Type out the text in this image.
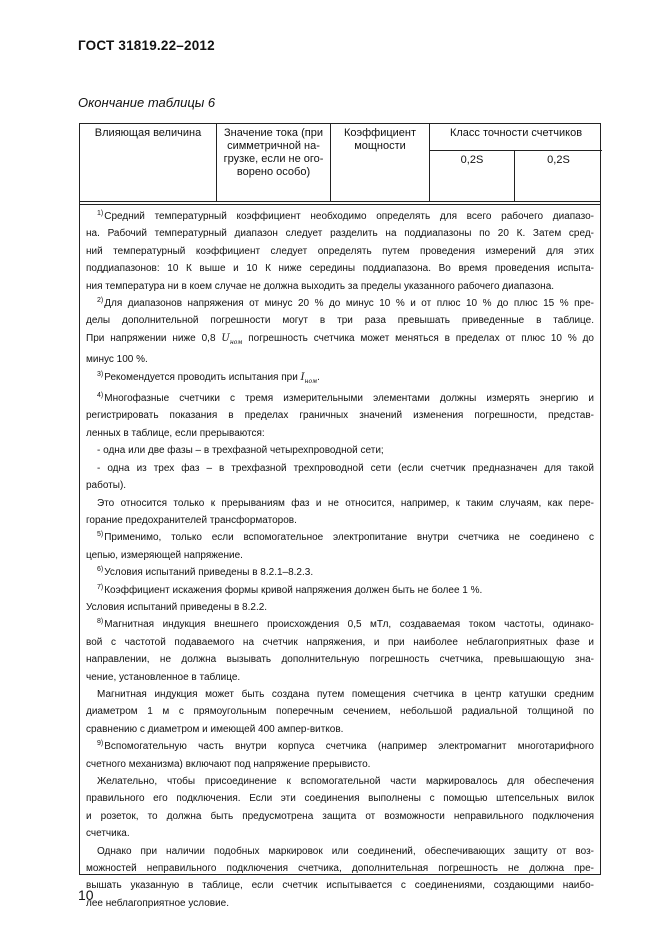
ГОСТ 31819.22–2012
Окончание таблицы 6
Влияющая величина	Значение тока (при
симметричной на-
грузке, если не ого-
ворено особо)
Коэффициент
мощности
Класс точности счетчиков
0,2S	0,2S
$^{1)}$Средний температурный коэффициент необходимо определять для всего рабочего диапазо-
на. Рабочий температурный диапазон следует разделить на поддиапазоны по 20 К. Затем сред-
ний температурный коэффициент следует определять путем проведения измерений для этих
поддиапазонов: 10 К выше и 10 К ниже середины поддиапазона. Во время проведения испыта-
ния температура ни в коем случае не должна выходить за пределы указанного рабочего диапазона.
$^{2)}$Для диапазонов напряжения от минус 20 % до минус 10 % и от плюс 10 % до плюс 15 % пре-
делы дополнительной погрешности могут в три раза превышать приведенные в таблице.
При напряжении ниже 0,8 $U_{ном}$ погрешность счетчика может меняться в пределах от плюс 10 % до
минус 100 %.
$^{3)}$Рекомендуется проводить испытания при $I_{ном}$.
$^{4)}$Многофазные счетчики с тремя измерительными элементами должны измерять энергию и
регистрировать показания в пределах граничных значений изменения погрешности, представ-
ленных в таблице, если прерываются:
- одна или две фазы – в трехфазной четырехпроводной сети;
- одна из трех фаз – в трехфазной трехпроводной сети (если счетчик предназначен для такой
работы).
Это относится только к прерываниям фаз и не относится, например, к таким случаям, как пере-
горание предохранителей трансформаторов.
$^{5)}$Применимо, только если вспомогательное электропитание внутри счетчика не соединено с
цепью, измеряющей напряжение.
$^{6)}$Условия испытаний приведены в 8.2.1–8.2.3.
$^{7)}$Коэффициент искажения формы кривой напряжения должен быть не более 1 %.
Условия испытаний приведены в 8.2.2.
$^{8)}$Магнитная индукция внешнего происхождения 0,5 мТл, создаваемая током частоты, одинако-
вой с частотой подаваемого на счетчик напряжения, и при наиболее неблагоприятных фазе и
направлении, не должна вызывать дополнительную погрешность счетчика, превышающую зна-
чение, установленное в таблице.
Магнитная индукция может быть создана путем помещения счетчика в центр катушки средним
диаметром 1 м с прямоугольным поперечным сечением, небольшой радиальной толщиной по
сравнению с диаметром и имеющей 400 ампер-витков.
$^{9)}$Вспомогательную часть внутри корпуса счетчика (например электромагнит многотарифного
счетного механизма) включают под напряжение прерывисто.
Желательно, чтобы присоединение к вспомогательной части маркировалось для обеспечения
правильного его подключения. Если эти соединения выполнены с помощью штепсельных вилок
и розеток, то должна быть предусмотрена защита от возможности неправильного подключения
счетчика.
Однако при наличии подобных маркировок или соединений, обеспечивающих защиту от воз-
можностей неправильного подключения счетчика, дополнительная погрешность не должна пре-
вышать указанную в таблице, если счетчик испытывается с соединениями, создающими наибо-
лее неблагоприятное условие.
10
